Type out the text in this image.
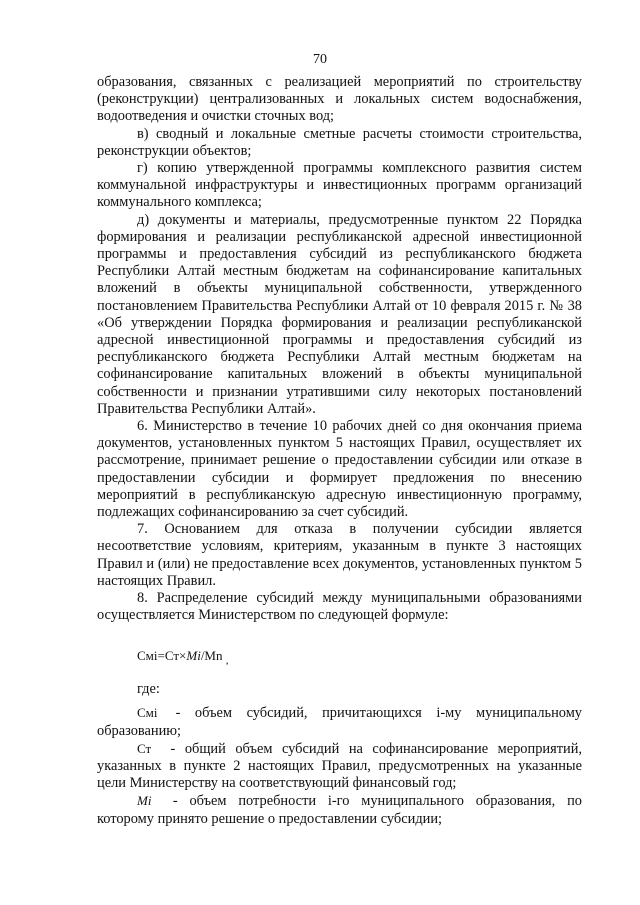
70

образования, связанных с реализацией мероприятий по строительству (реконструкции) централизованных и локальных систем водоснабжения, водоотведения и очистки сточных вод;

в) сводный и локальные сметные расчеты стоимости строительства, реконструкции объектов;

г) копию утвержденной программы комплексного развития систем коммунальной инфраструктуры и инвестиционных программ организаций коммунального комплекса;

д) документы и материалы, предусмотренные пунктом 22 Порядка формирования и реализации республиканской адресной инвестиционной программы и предоставления субсидий из республиканского бюджета Республики Алтай местным бюджетам на софинансирование капитальных вложений в объекты муниципальной собственности, утвержденного постановлением Правительства Республики Алтай от 10 февраля 2015 г. № 38 «Об утверждении Порядка формирования и реализации республиканской адресной инвестиционной программы и предоставления субсидий из республиканского бюджета Республики Алтай местным бюджетам на софинансирование капитальных вложений в объекты муниципальной собственности и признании утратившими силу некоторых постановлений Правительства Республики Алтай».

6. Министерство в течение 10 рабочих дней со дня окончания приема документов, установленных пунктом 5 настоящих Правил, осуществляет их рассмотрение, принимает решение о предоставлении субсидии или отказе в предоставлении субсидии и формирует предложения по внесению мероприятий в республиканскую адресную инвестиционную программу, подлежащих софинансированию за счет субсидий.

7. Основанием для отказа в получении субсидии является несоответствие условиям, критериям, указанным в пункте 3 настоящих Правил и (или) не предоставление всех документов, установленных пунктом 5 настоящих Правил.

8. Распределение субсидий между муниципальными образованиями осуществляется Министерством по следующей формуле:

Смi=Ст×Mi/Mn $_,$
где:

Смi - объем субсидий, причитающихся i-му муниципальному образованию;

Ст - общий объем субсидий на софинансирование мероприятий, указанных в пункте 2 настоящих Правил, предусмотренных на указанные цели Министерству на соответствующий финансовый год;

Mi - объем потребности i-го муниципального образования, по которому принято решение о предоставлении субсидии;
